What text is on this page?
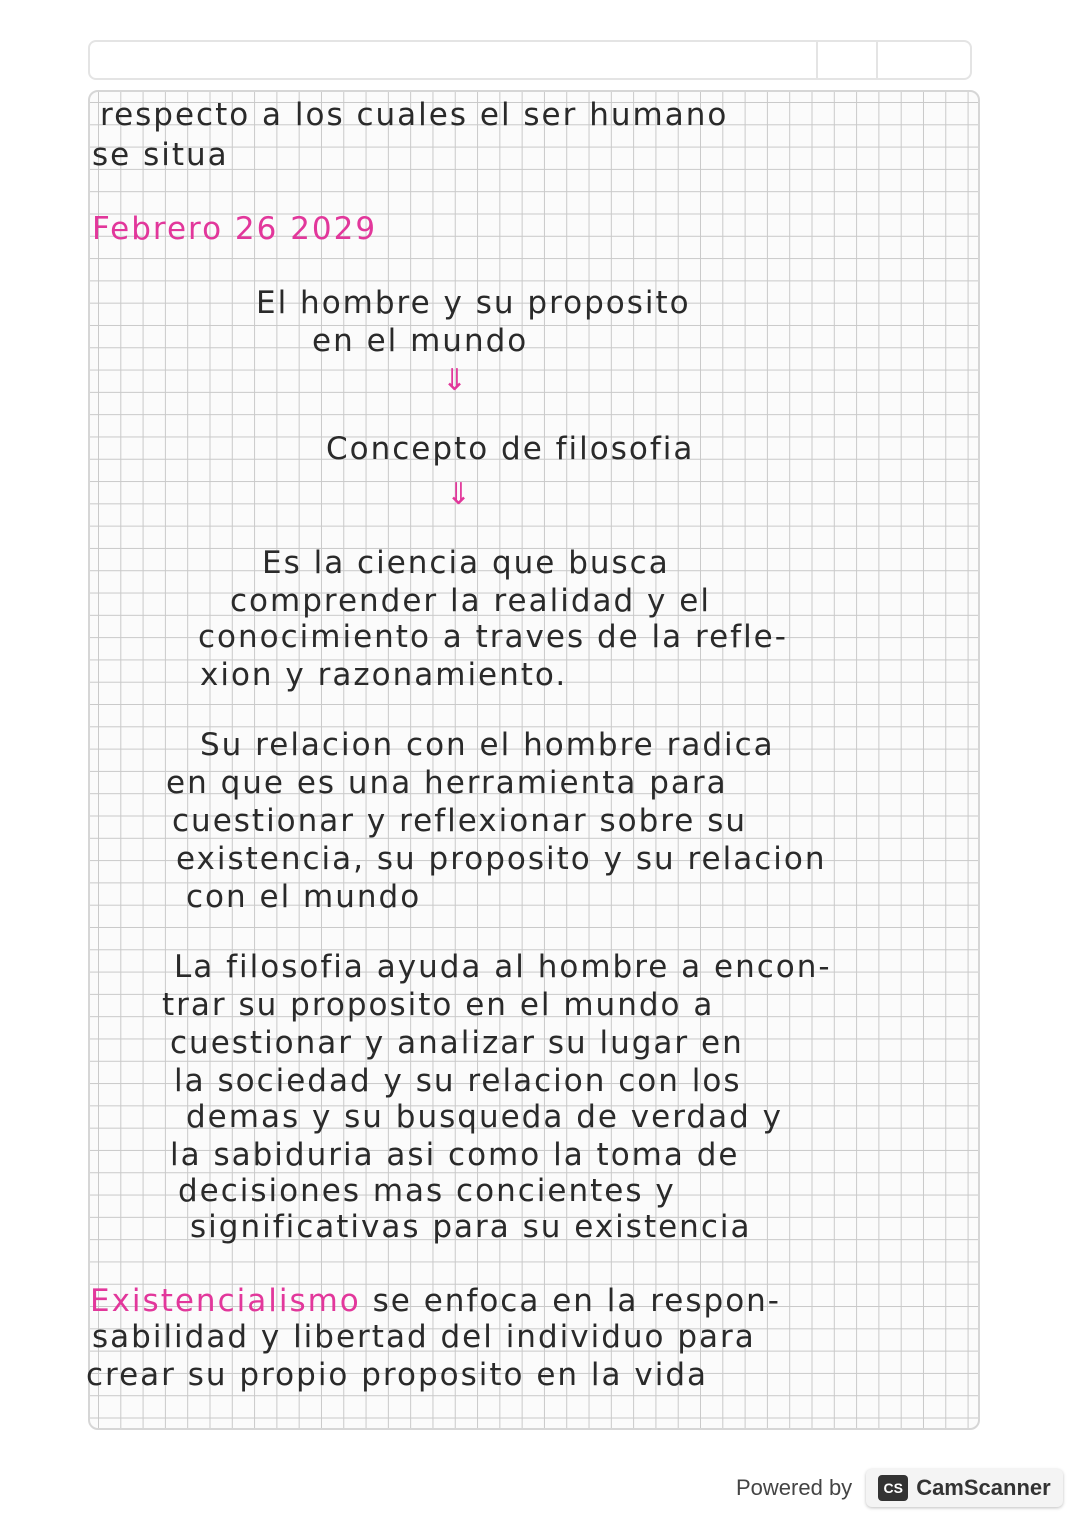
respecto a los cuales el ser humano
se situa
Febrero 26 2029
El hombre y su proposito
en el mundo
⇓
Concepto de filosofia
⇓
Es la ciencia que busca
comprender la realidad y el
conocimiento a traves de la refle-
xion y razonamiento.
Su relacion con el hombre radica
en que es una herramienta para
cuestionar y reflexionar sobre su
existencia, su proposito y su relacion
con el mundo
La filosofia ayuda al hombre a encon-
trar su proposito en el mundo a
cuestionar y analizar su lugar en
la sociedad y su relacion con los
demas y su busqueda de verdad y
la sabiduria asi como la toma de
decisiones mas concientes y
significativas para su existencia
Existencialismo se enfoca en la respon-
sabilidad y libertad del individuo para
crear su propio proposito en la vida
Powered by	CS CamScanner
